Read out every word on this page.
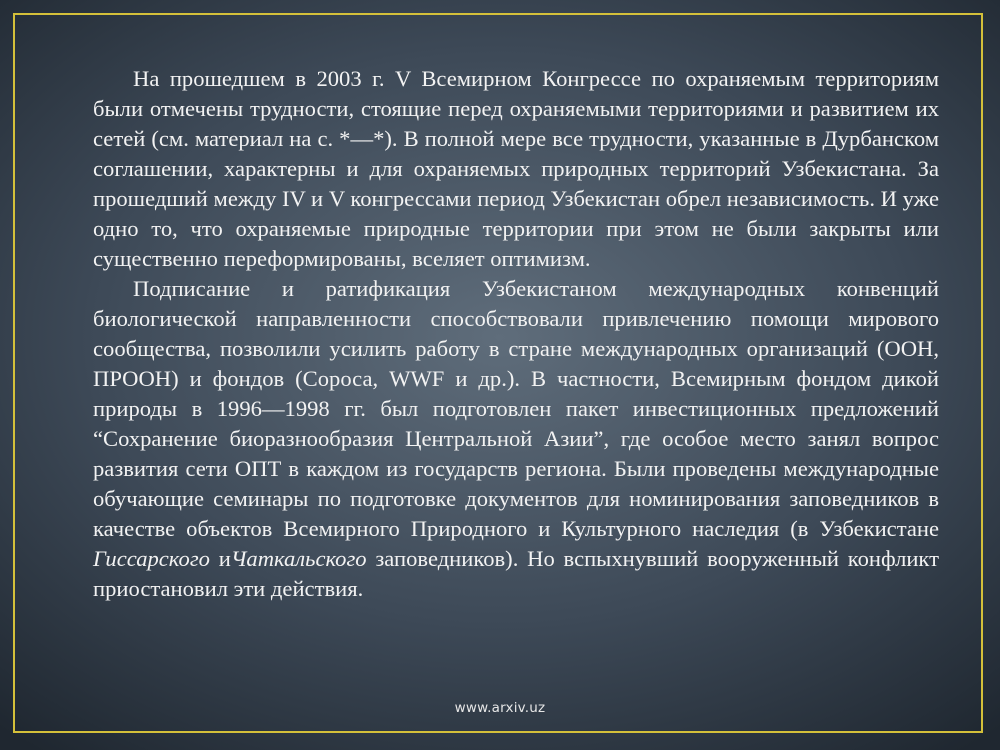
На прошедшем в 2003 г. V Всемирном Конгрессе по охраняемым территориям были отмечены трудности, стоящие перед охраняемыми территориями и развитием их сетей (см. материал на с. *—*). В полной мере все трудности, указанные в Дурбанском соглашении, характерны и для охраняемых природных территорий Узбекистана. За прошедший между IV и V конгрессами период Узбекистан обрел независимость. И уже одно то, что охраняемые природные территории при этом не были закрыты или существенно переформированы, вселяет оптимизм.

Подписание и ратификация Узбекистаном международных конвенций биологической направленности способствовали привлечению помощи мирового сообщества, позволили усилить работу в стране международных организаций (ООН, ПРООН) и фондов (Сороса, WWF и др.). В частности, Всемирным фондом дикой природы в 1996—1998 гг. был подготовлен пакет инвестиционных предложений “Сохранение биоразнообразия Центральной Азии”, где особое место занял вопрос развития сети ОПТ в каждом из государств региона. Были проведены международные обучающие семинары по подготовке документов для номинирования заповедников в качестве объектов Всемирного Природного и Культурного наследия (в Узбекистане Гиссарского иЧаткальского заповедников). Но вспыхнувший вооруженный конфликт приостановил эти действия.

www.arxiv.uz
